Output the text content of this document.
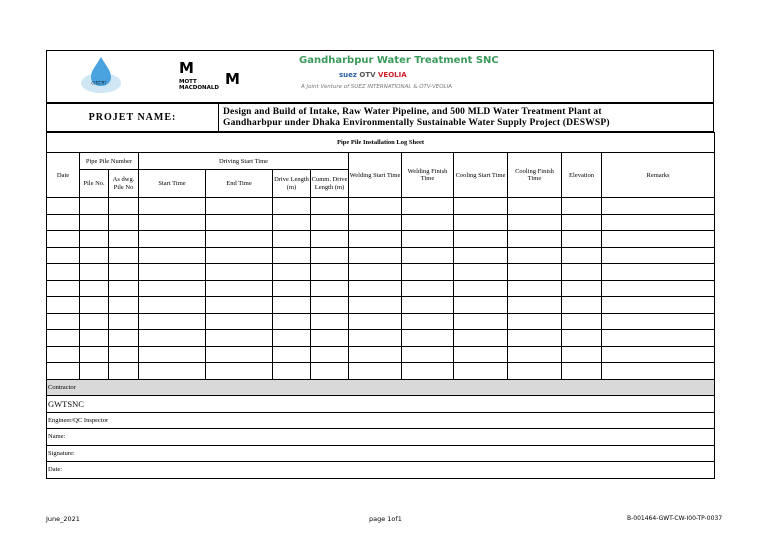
ওয়াসা
M
M
MOTT
MACDONALD
Gandharbpur Water Treatment SNC
suez OTV VEOLIA
A Joint Venture of SUEZ INTERNATIONAL & OTV-VEOLIA
PROJET NAME:	Design and Build of Intake, Raw Water Pipeline, and 500 MLD Water Treatment Plant at
Gandharbpur under Dhaka Environmentally Sustainable Water Supply Project (DESWSP)
Pipe Pile Installation Log Sheet												
Date	Pipe Pile Number		Driving Start Time				Welding Start Time	Welding Finish Time	Cooling Start Time	Cooling Finish Time	Elevation	Remarks
	Pile No.	As dwg. Pile No	Start Time	End Time	Drive Length (m)	Cumm. Drive Length (m)						

Contractor												
GWTSNC												
Engineer/QC Inspector												
Name:												
Signature:												
Date:												
June_2021	page 1of1	B-001464-GWT-CW-I00-TP-0037
